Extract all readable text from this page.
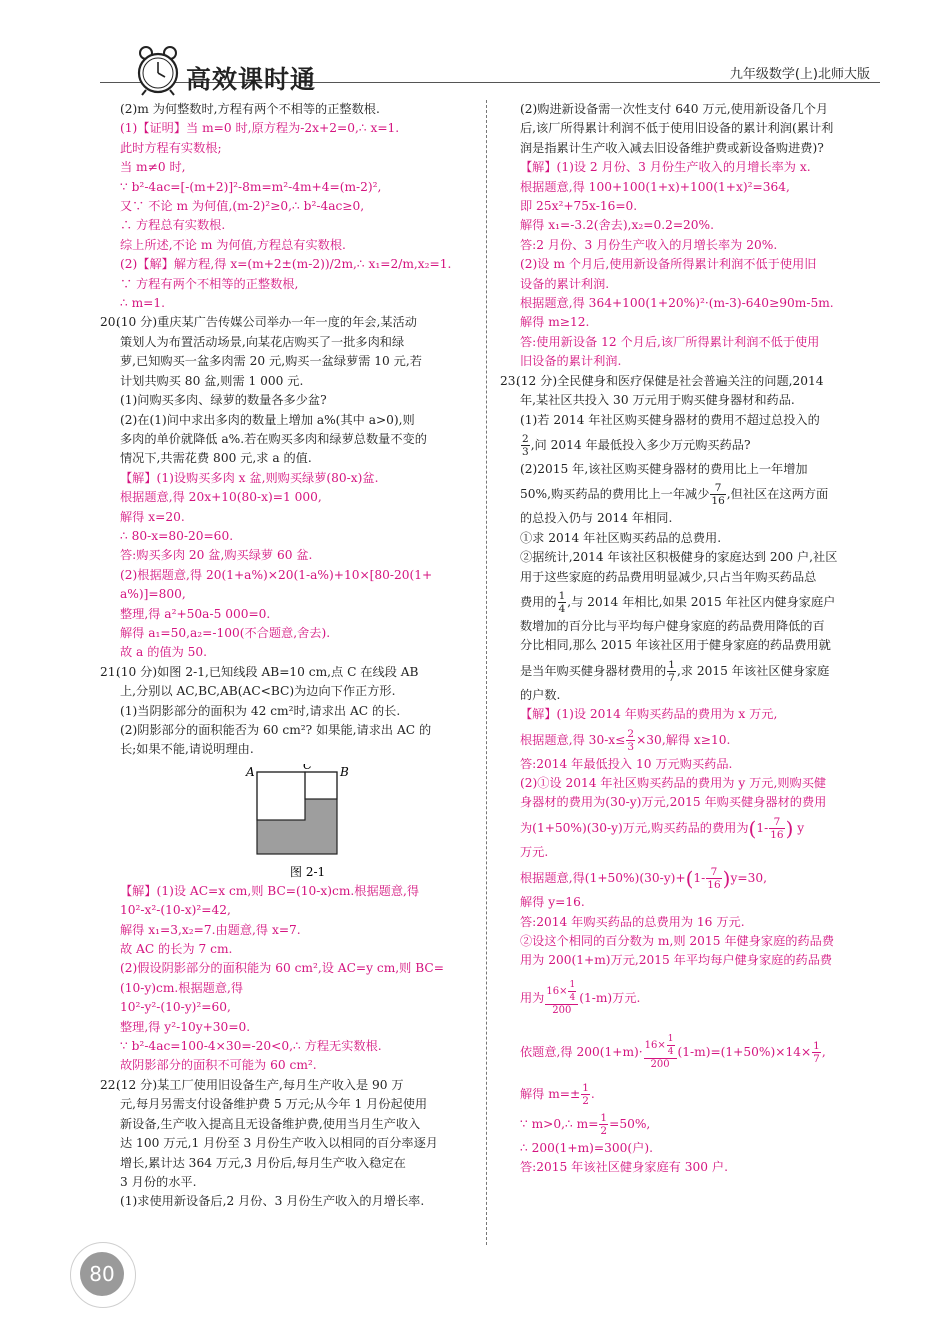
高效课时通	九年级数学(上)北师大版
(2)m 为何整数时,方程有两个不相等的正整数根.
(1)【证明】当 m=0 时,原方程为-2x+2=0,∴ x=1.
此时方程有实数根;
当 m≠0 时,
∵ b²-4ac=[-(m+2)]²-8m=m²-4m+4=(m-2)²,
又∵ 不论 m 为何值,(m-2)²≥0,∴ b²-4ac≥0,
∴ 方程总有实数根.
综上所述,不论 m 为何值,方程总有实数根.
(2)【解】解方程,得 x=(m+2±(m-2))/2m,∴ x₁=2/m,x₂=1.
∵ 方程有两个不相等的正整数根,
∴ m=1.
20.(10 分)重庆某广告传媒公司举办一年一度的年会,某活动
策划人为布置活动场景,向某花店购买了一批多肉和绿
萝,已知购买一盆多肉需 20 元,购买一盆绿萝需 10 元,若
计划共购买 80 盆,则需 1 000 元.
(1)问购买多肉、绿萝的数量各多少盆?
(2)在(1)问中求出多肉的数量上增加 a%(其中 a>0),则
多肉的单价就降低 a%.若在购买多肉和绿萝总数量不变的
情况下,共需花费 800 元,求 a 的值.
【解】(1)设购买多肉 x 盆,则购买绿萝(80-x)盆.
根据题意,得 20x+10(80-x)=1 000,
解得 x=20.
∴ 80-x=80-20=60.
答:购买多肉 20 盆,购买绿萝 60 盆.
(2)根据题意,得 20(1+a%)×20(1-a%)+10×[80-20(1+
a%)]=800,
整理,得 a²+50a-5 000=0.
解得 a₁=50,a₂=-100(不合题意,舍去).
故 a 的值为 50.
21.(10 分)如图 2-1,已知线段 AB=10 cm,点 C 在线段 AB
上,分别以 AC,BC,AB(AC<BC)为边向下作正方形.
(1)当阴影部分的面积为 42 cm²时,请求出 AC 的长.
(2)阴影部分的面积能否为 60 cm²? 如果能,请求出 AC 的
长;如果不能,请说明理由.
A	C B
图 2-1
【解】(1)设 AC=x cm,则 BC=(10-x)cm.根据题意,得
10²-x²-(10-x)²=42,
解得 x₁=3,x₂=7.由题意,得 x=7.
故 AC 的长为 7 cm.
(2)假设阴影部分的面积能为 60 cm²,设 AC=y cm,则 BC=
(10-y)cm.根据题意,得
10²-y²-(10-y)²=60,
整理,得 y²-10y+30=0.
∵ b²-4ac=100-4×30=-20<0,∴ 方程无实数根.
故阴影部分的面积不可能为 60 cm².
22.(12 分)某工厂使用旧设备生产,每月生产收入是 90 万
元,每月另需支付设备维护费 5 万元;从今年 1 月份起使用
新设备,生产收入提高且无设备维护费,使用当月生产收入
达 100 万元,1 月份至 3 月份生产收入以相同的百分率逐月
增长,累计达 364 万元,3 月份后,每月生产收入稳定在
3 月份的水平.
(1)求使用新设备后,2 月份、3 月份生产收入的月增长率.
(2)购进新设备需一次性支付 640 万元,使用新设备几个月
后,该厂所得累计利润不低于使用旧设备的累计利润(累计利
润是指累计生产收入减去旧设备维护费或新设备购进费)?
【解】(1)设 2 月份、3 月份生产收入的月增长率为 x.
根据题意,得 100+100(1+x)+100(1+x)²=364,
即 25x²+75x-16=0.
解得 x₁=-3.2(舍去),x₂=0.2=20%.
答:2 月份、3 月份生产收入的月增长率为 20%.
(2)设 m 个月后,使用新设备所得累计利润不低于使用旧
设备的累计利润.
根据题意,得 364+100(1+20%)²·(m-3)-640≥90m-5m.
解得 m≥12.
答:使用新设备 12 个月后,该厂所得累计利润不低于使用
旧设备的累计利润.
23.(12 分)全民健身和医疗保健是社会普遍关注的问题,2014
年,某社区共投入 30 万元用于购买健身器材和药品.
(1)若 2014 年社区购买健身器材的费用不超过总投入的
$\frac{2}{3}$ ,问 2014 年最低投入多少万元购买药品?
(2)2015 年,该社区购买健身器材的费用比上一年增加
50%,购买药品的费用比上一年减少 $\frac{7}{16}$ ,但社区在这两方面
的总投入仍与 2014 年相同.
①求 2014 年社区购买药品的总费用.
②据统计,2014 年该社区积极健身的家庭达到 200 户,社区
用于这些家庭的药品费用明显减少,只占当年购买药品总
费用的 $\frac{1}{4}$ ,与 2014 年相比,如果 2015 年社区内健身家庭户
数增加的百分比与平均每户健身家庭的药品费用降低的百
分比相同,那么 2015 年该社区用于健身家庭的药品费用就
是当年购买健身器材费用的 $\frac{1}{7}$ ,求 2015 年该社区健身家庭
的户数.
【解】(1)设 2014 年购买药品的费用为 x 万元,
根据题意,得 $30-x\le \frac{2}{3} \times 30$,解得 x≥10.
答:2014 年最低投入 10 万元购买药品.
(2)①设 2014 年社区购买药品的费用为 y 万元,则购买健
身器材的费用为(30-y)万元,2015 年购买健身器材的费用
为(1+50%)(30-y)万元,购买药品的费用为($1- \frac{7}{16}$ ) y
万元.
根据题意,得$(1+50\%)(30-y)+(1- \frac{7}{16} )y=30$,
解得 y=16.
答:2014 年购买药品的总费用为 16 万元.
②设这个相同的百分数为 m,则 2015 年健身家庭的药品费
用为 200(1+m)万元,2015 年平均每户健身家庭的药品费
用为 $\frac{16\times \frac{1}{4}}{200} (1-m)$万元.
依题意,得 $200(1+m)\cdot \frac{16\times \frac{1}{4}}{200} (1-m)=(1+50\%)\times 14\times \frac{1}{7}$ ,
解得 $m=\pm \frac{1}{2}$ .
∵ m>0,∴ $m= \frac{1}{2} =50\%$,
∴ 200(1+m)=300(户).
答:2015 年该社区健身家庭有 300 户.
80
